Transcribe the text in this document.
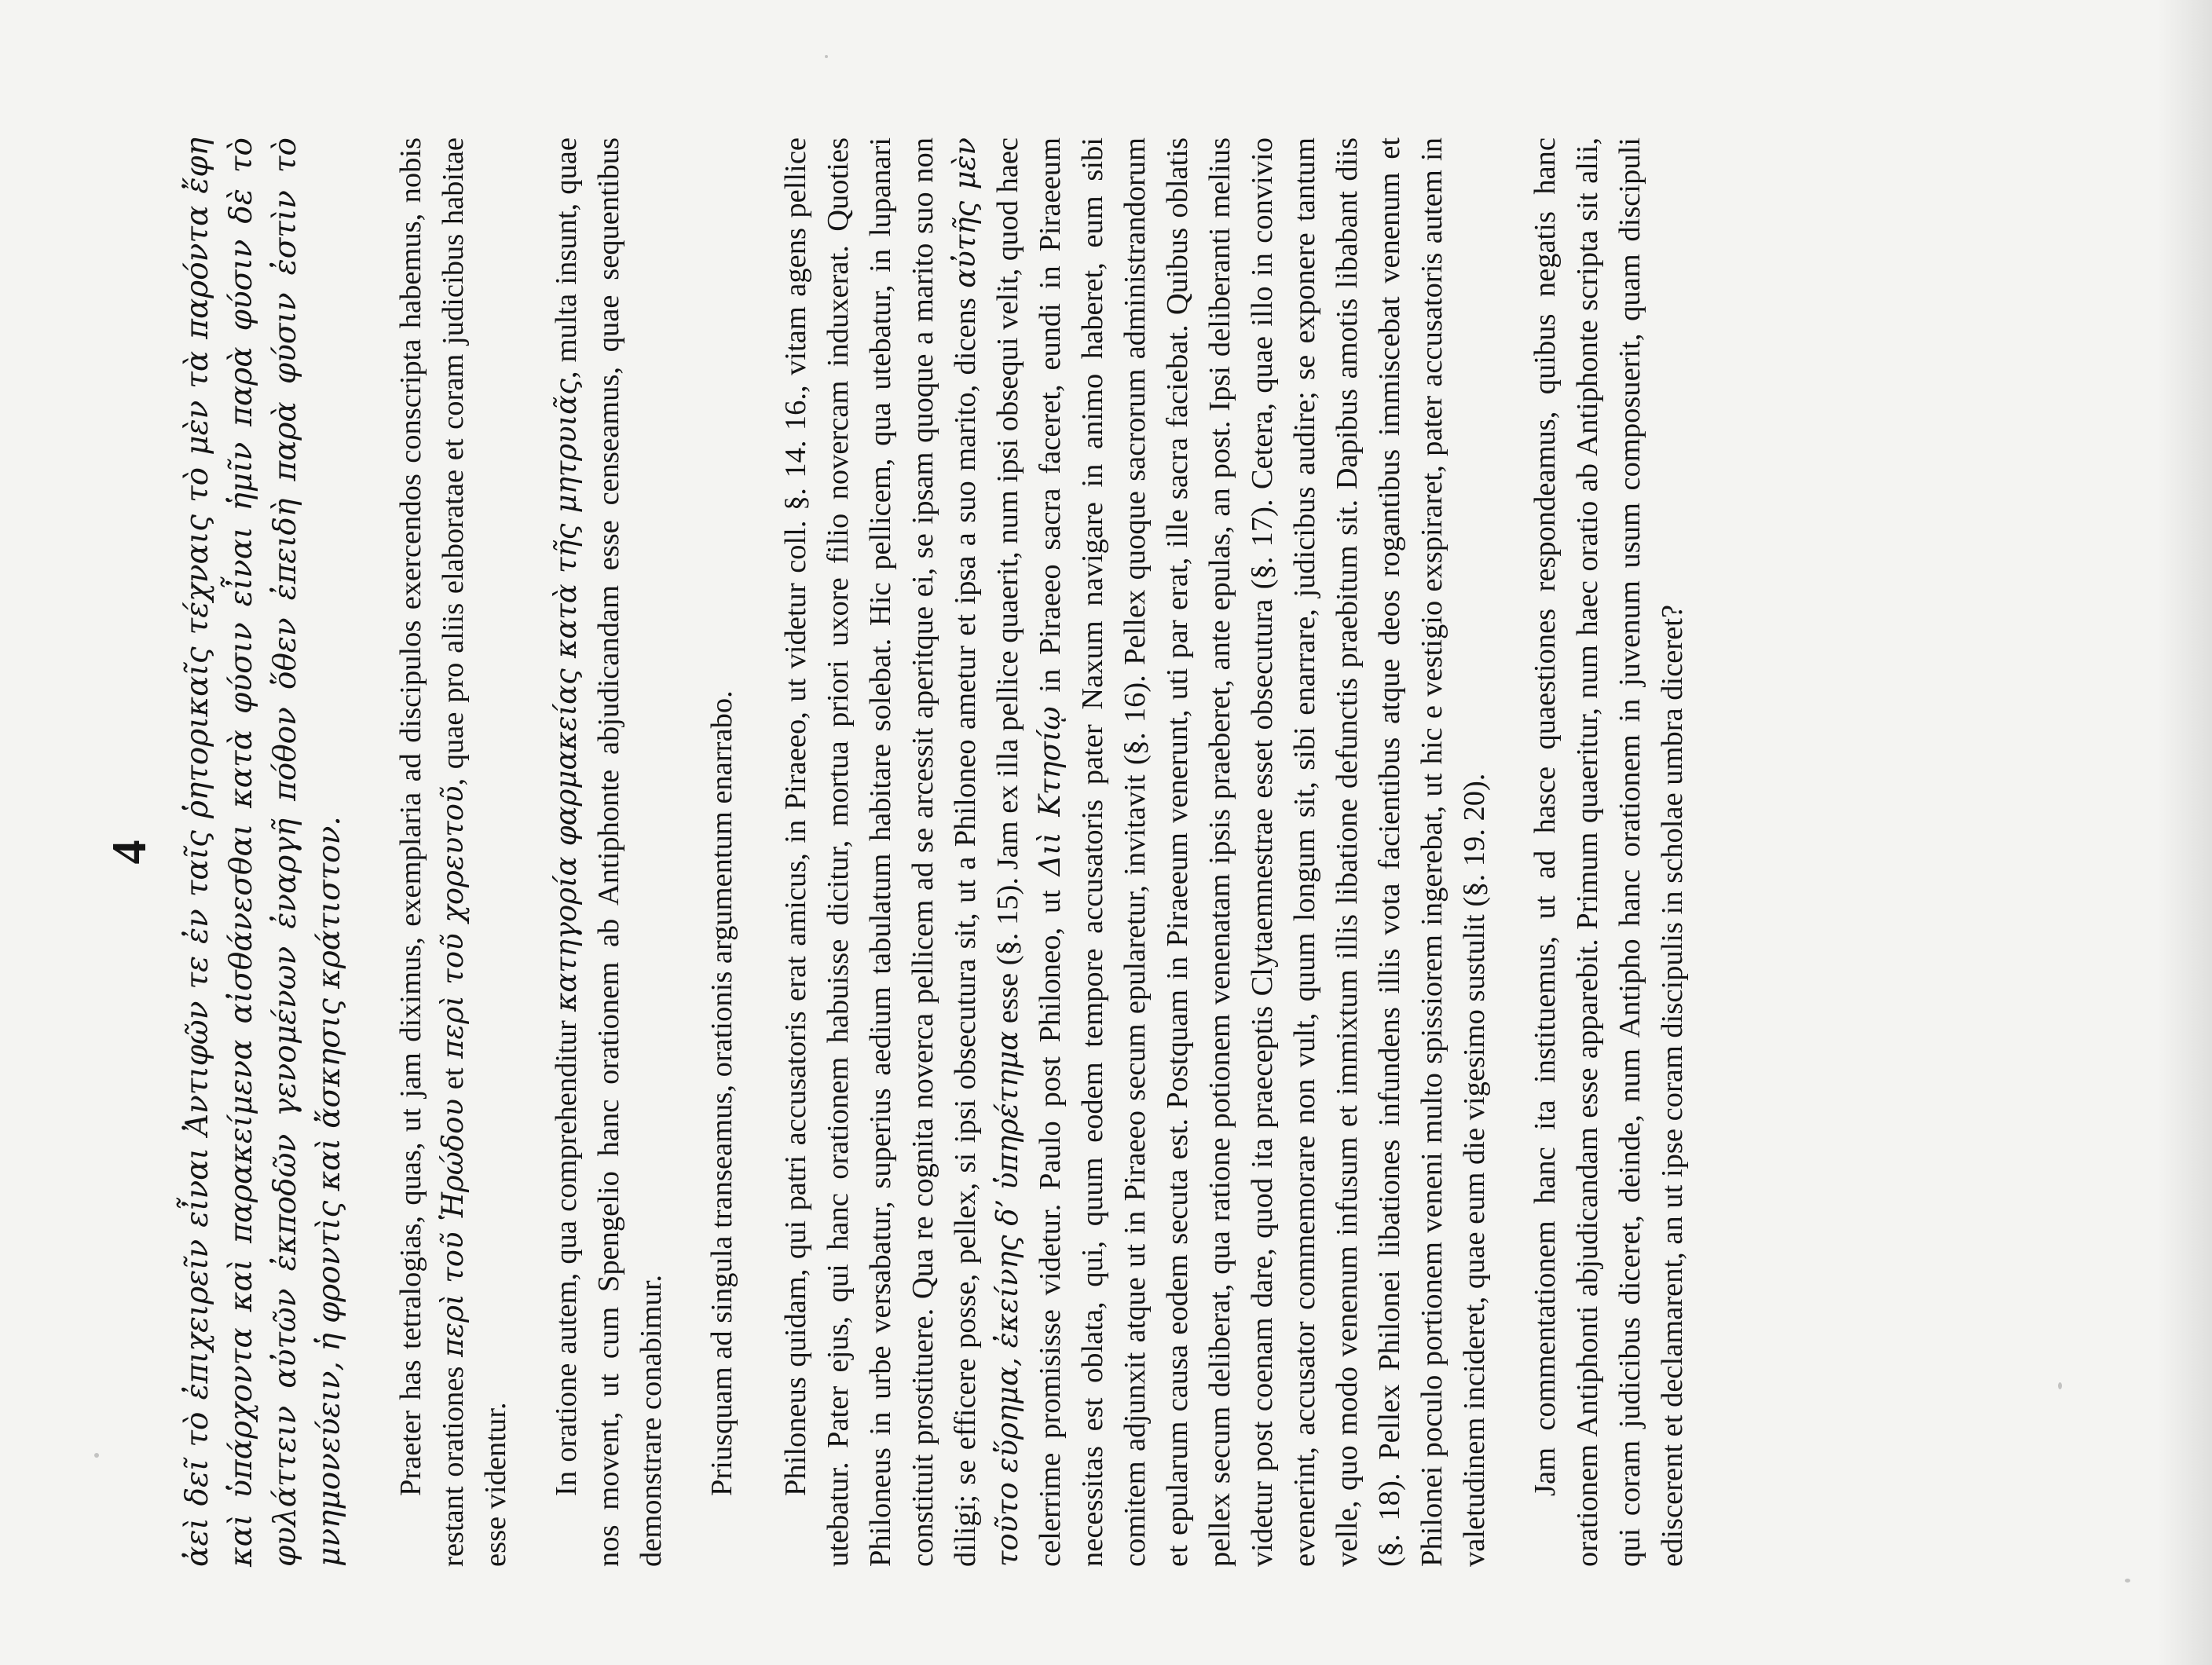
4 ἀεὶ δεῖ τὸ ἐπιχειρεῖν εἶναι Ἀντιφῶν τε ἐν ταῖς ῥητορικαῖς τέχναις τὸ μὲν τὰ παρόντα ἔφη καὶ ὑπάρχοντα καὶ παρακείμενα αἰσθάνεσθαι κατὰ φύσιν εἶναι ἡμῖν παρὰ φύσιν δὲ τὸ φυλάττειν αὐτῶν ἐκποδῶν γενομένων ἐναργῆ πόθον ὅθεν ἐπειδὴ παρὰ φύσιν ἐστὶν τὸ μνημονεύειν, ἡ φροντὶς καὶ ἄσκησις κράτιστον. Praeter has tetralogias, quas, ut jam diximus, exemplaria ad discipulos exercendos conscripta habemus, nobis restant orationes περὶ τοῦ Ἡρώδου et περὶ τοῦ χορευτοῦ, quae pro aliis elaboratae et coram judicibus habitae esse videntur. In oratione autem, qua comprehenditur κατηγορία φαρμακείας κατὰ τῆς μητρυιᾶς, multa insunt, quae nos movent, ut cum Spengelio hanc orationem ab Antiphonte abjudicandam esse censeamus, quae sequentibus demonstrare conabimur. Priusquam ad singula transeamus, orationis argumentum enarrabo. Philoneus quidam, qui patri accusatoris erat amicus, in Piraeeo, ut videtur coll. §. 14. 16., vitam agens pellice utebatur. Pater ejus, qui hanc orationem habuisse dicitur, mortua priori uxore filio novercam induxerat. Quoties Philoneus in urbe versabatur, superius aedium tabulatum habitare solebat. Hic pellicem, qua utebatur, in lupanari constituit prostituere. Qua re cognita noverca pellicem ad se arcessit aperitque ei, se ipsam quoque a marito suo non diligi; se efficere posse, pellex, si ipsi obsecutura sit, ut a Philoneo ametur et ipsa a suo marito, dicens αὐτῆς μὲν τοῦτο εὕρημα, ἐκείνης δ’ ὑπηρέτημα esse (§. 15). Jam ex illa pellice quaerit, num ipsi obsequi velit, quod haec celerrime promisisse videtur. Paulo post Philoneo, ut Διὶ Κτησίῳ in Piraeeo sacra faceret, eundi in Piraeeum necessitas est oblata, qui, quum eodem tempore accusatoris pater Naxum navigare in animo haberet, eum sibi comitem adjunxit atque ut in Piraeeo secum epularetur, invitavit (§. 16). Pellex quoque sacrorum administrandorum et epularum causa eodem secuta est. Postquam in Piraeeum venerunt, uti par erat, ille sacra faciebat. Quibus oblatis pellex secum deliberat, qua ratione potionem venenatam ipsis praeberet, ante epulas, an post. Ipsi deliberanti melius videtur post coenam dare, quod ita praeceptis Clytaemnestrae esset obsecutura (§. 17). Cetera, quae illo in convivio evenerint, accusator commemorare non vult, quum longum sit, sibi enarrare, judicibus audire; se exponere tantum velle, quo modo venenum infusum et immixtum illis libatione defunctis praebitum sit. Dapibus amotis libabant diis (§. 18). Pellex Philonei libationes infundens illis vota facientibus atque deos rogantibus immiscebat venenum et Philonei poculo portionem veneni multo spissiorem ingerebat, ut hic e vestigio exspiraret, pater accusatoris autem in valetudinem incideret, quae eum die vigesimo sustulit (§. 19. 20). Jam commentationem hanc ita instituemus, ut ad hasce quaestiones respondeamus, quibus negatis hanc orationem Antiphonti abjudicandam esse apparebit. Primum quaeritur, num haec oratio ab Antiphonte scripta sit alii, qui coram judicibus diceret, deinde, num Antipho hanc orationem in juvenum usum composuerit, quam discipuli ediscerent et declamarent, an ut ipse coram discipulis in scholae umbra diceret?
